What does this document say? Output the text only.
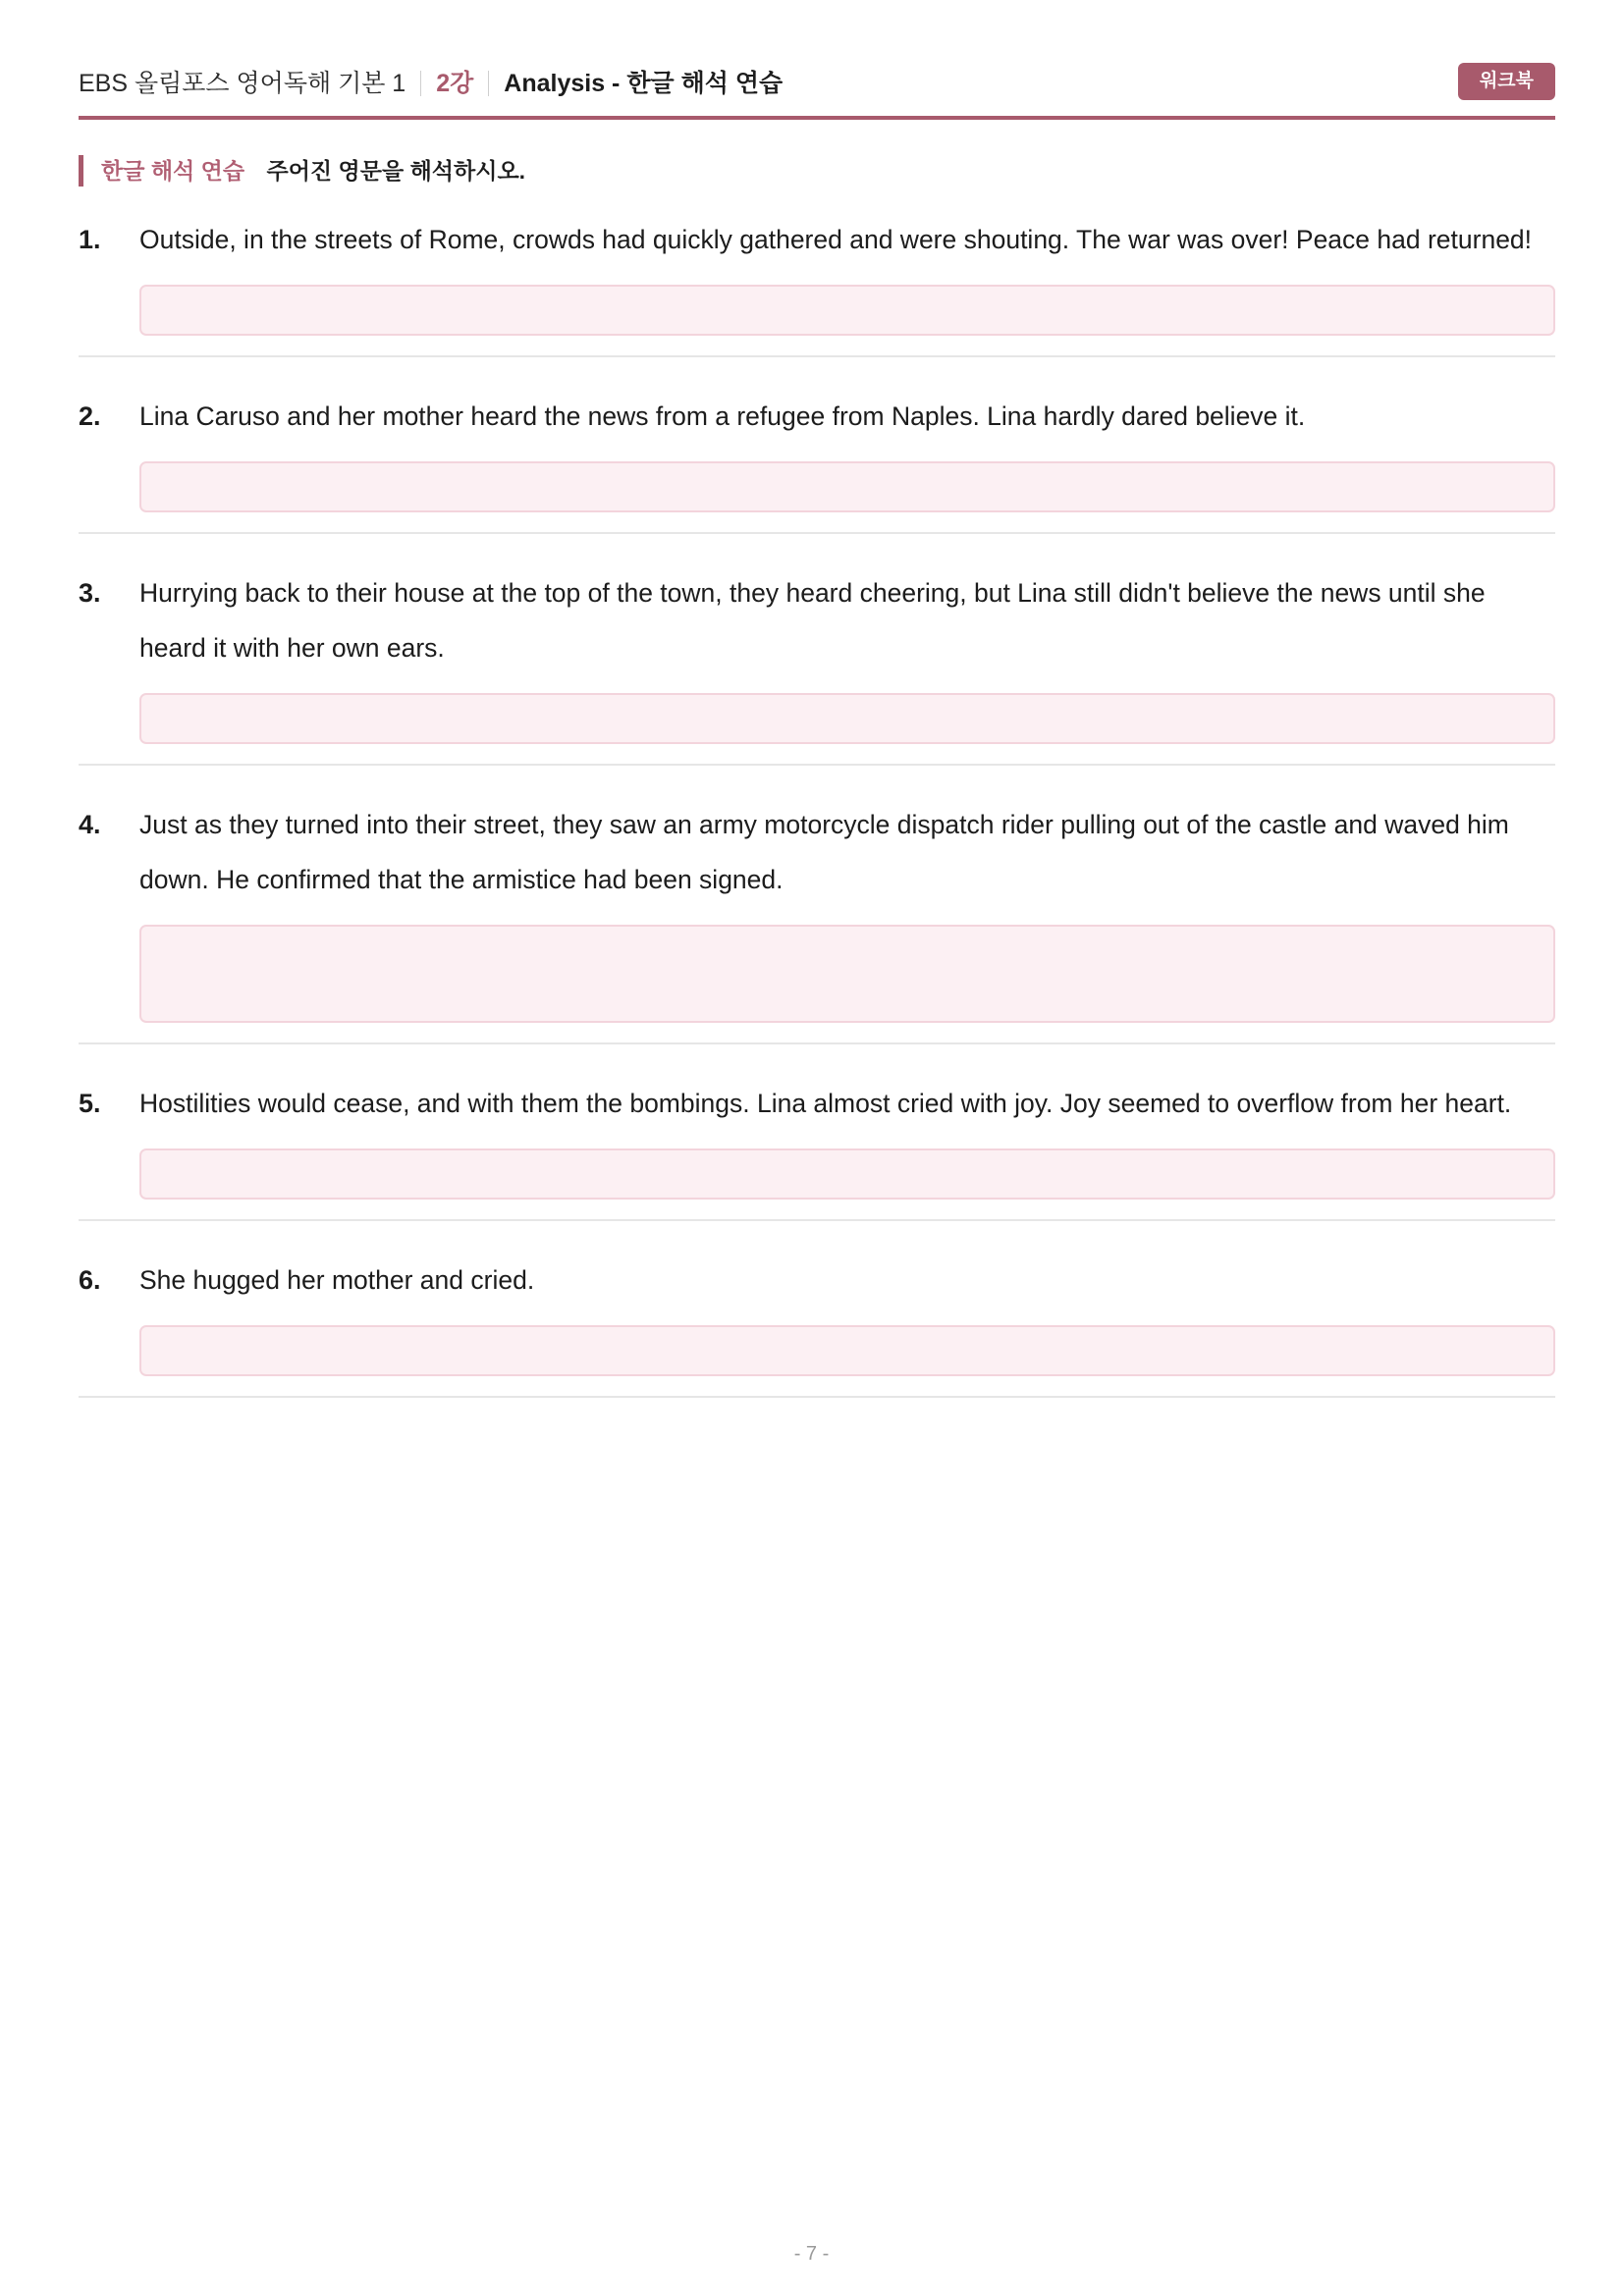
EBS 올림포스 영어독해 기본 1 2강 Analysis - 한글 해석 연습	워크북
한글 해석 연습 주어진 영문을 해석하시오.
1.	Outside, in the streets of Rome, crowds had quickly gathered and were shouting. The war was over! Peace had returned!
2.	Lina Caruso and her mother heard the news from a refugee from Naples. Lina hardly dared believe it.
3.	Hurrying back to their house at the top of the town, they heard cheering, but Lina still didn't believe the news until she heard it with her own ears.
4.	Just as they turned into their street, they saw an army motorcycle dispatch rider pulling out of the castle and waved him down. He confirmed that the armistice had been signed.
5.	Hostilities would cease, and with them the bombings. Lina almost cried with joy. Joy seemed to overflow from her heart.
6.	She hugged her mother and cried.
- 7 -
